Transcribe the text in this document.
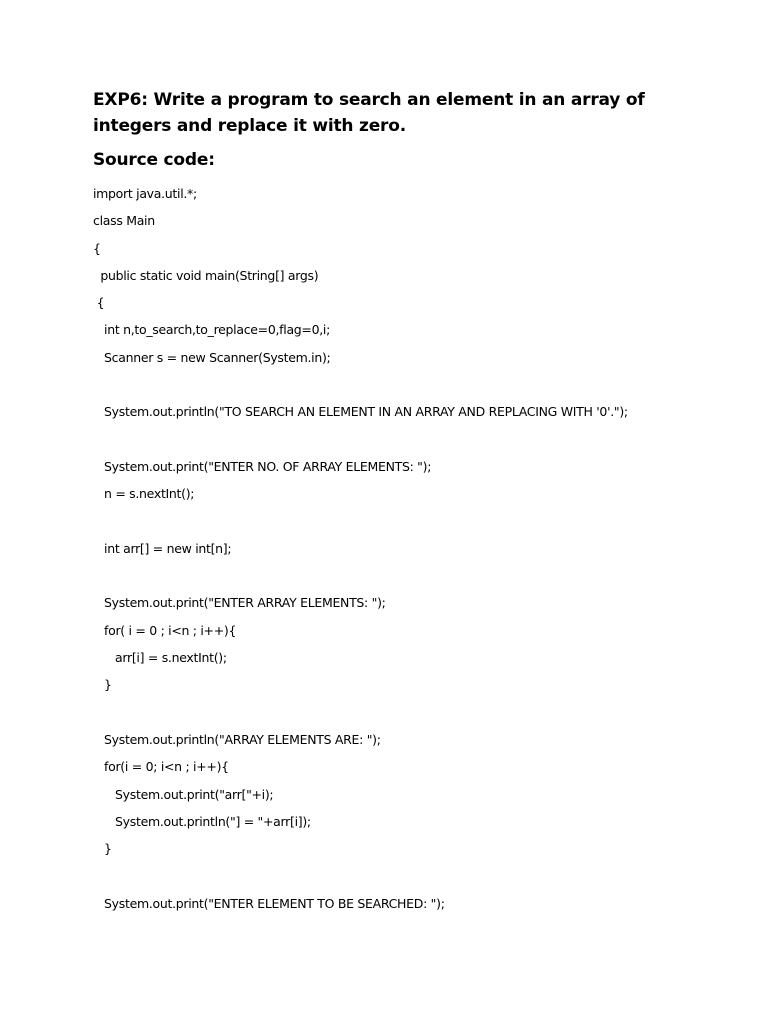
EXP6: Write a program to search an element in an array of integers and replace it with zero.
Source code:
import java.util.*;
class Main
{
public static void main(String[] args)
{
int n,to_search,to_replace=0,flag=0,i;
Scanner s = new Scanner(System.in);
System.out.println("TO SEARCH AN ELEMENT IN AN ARRAY AND REPLACING WITH '0'.");
System.out.print("ENTER NO. OF ARRAY ELEMENTS: ");
n = s.nextInt();
int arr[] = new int[n];
System.out.print("ENTER ARRAY ELEMENTS: ");
for( i = 0 ; i<n ; i++){
arr[i] = s.nextInt();
}
System.out.println("ARRAY ELEMENTS ARE: ");
for(i = 0; i<n ; i++){
System.out.print("arr["+i);
System.out.println("] = "+arr[i]);
}
System.out.print("ENTER ELEMENT TO BE SEARCHED: ");
